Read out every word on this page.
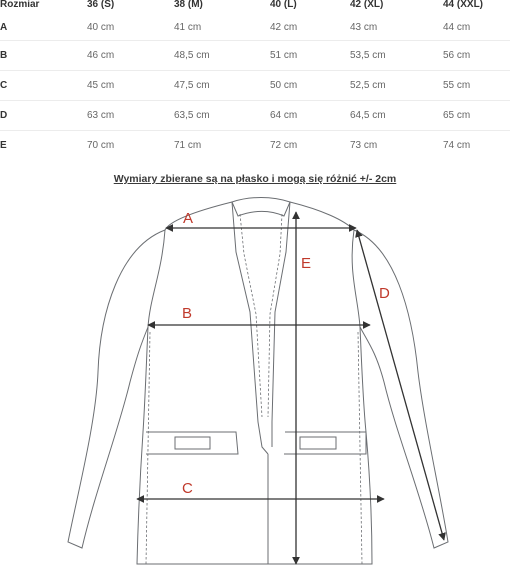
Rozmiar	36 (S)	38 (M)	40 (L)	42 (XL)	44 (XXL)
A	40 cm	41 cm	42 cm	43 cm	44 cm
B	46 cm	48,5 cm	51 cm	53,5 cm	56 cm
C	45 cm	47,5 cm	50 cm	52,5 cm	55 cm
D	63 cm	63,5 cm	64 cm	64,5 cm	65 cm
E	70 cm	71 cm	72 cm	73 cm	74 cm
Wymiary zbierane są na płasko i mogą się różnić +/- 2cm
A
B
C
D
E
